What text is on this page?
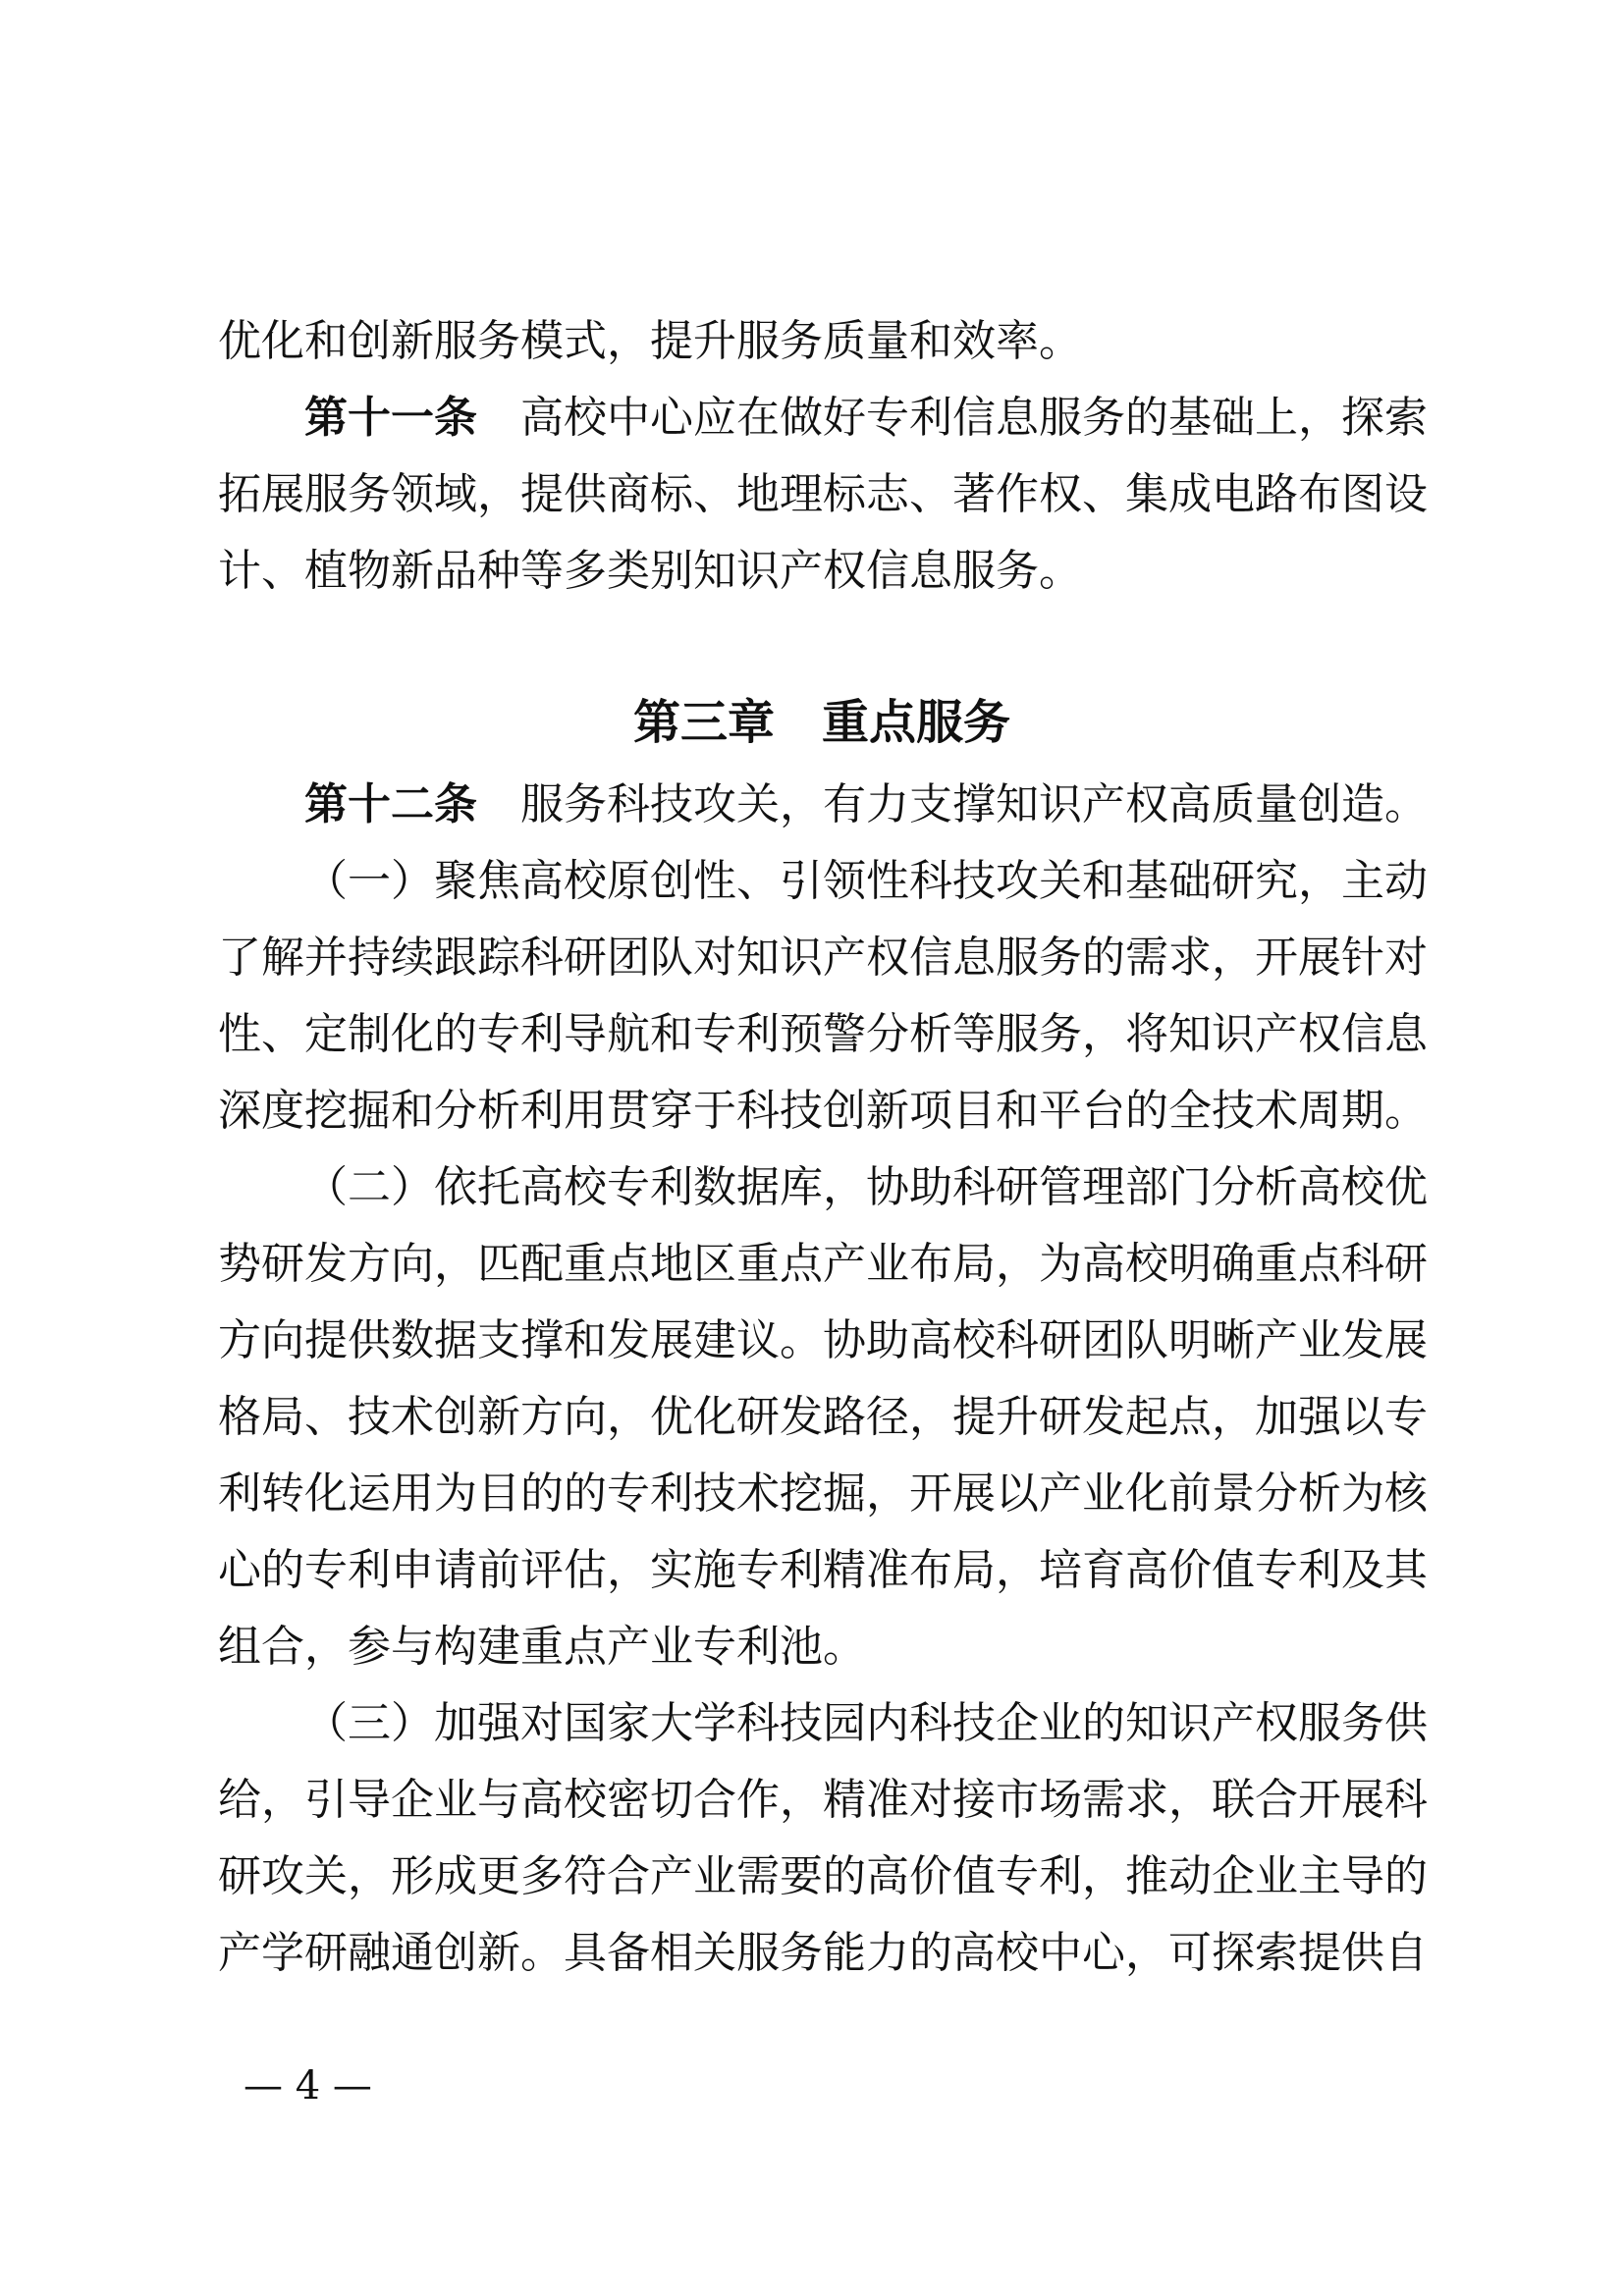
优化和创新服务模式，提升服务质量和效率。
第十一条 高校中心应在做好专利信息服务的基础上，探索
拓展服务领域，提供商标、地理标志、著作权、集成电路布图设
计、植物新品种等多类别知识产权信息服务。
第三章　重点服务
第十二条 服务科技攻关，有力支撑知识产权高质量创造。
（一）聚焦高校原创性、引领性科技攻关和基础研究，主动
了解并持续跟踪科研团队对知识产权信息服务的需求，开展针对
性、定制化的专利导航和专利预警分析等服务，将知识产权信息
深度挖掘和分析利用贯穿于科技创新项目和平台的全技术周期。
（二）依托高校专利数据库，协助科研管理部门分析高校优
势研发方向，匹配重点地区重点产业布局，为高校明确重点科研
方向提供数据支撑和发展建议。协助高校科研团队明晰产业发展
格局、技术创新方向，优化研发路径，提升研发起点，加强以专
利转化运用为目的的专利技术挖掘，开展以产业化前景分析为核
心的专利申请前评估，实施专利精准布局，培育高价值专利及其
组合，参与构建重点产业专利池。
（三）加强对国家大学科技园内科技企业的知识产权服务供
给，引导企业与高校密切合作，精准对接市场需求，联合开展科
研攻关，形成更多符合产业需要的高价值专利，推动企业主导的
产学研融通创新。具备相关服务能力的高校中心，可探索提供自
— 4 —
